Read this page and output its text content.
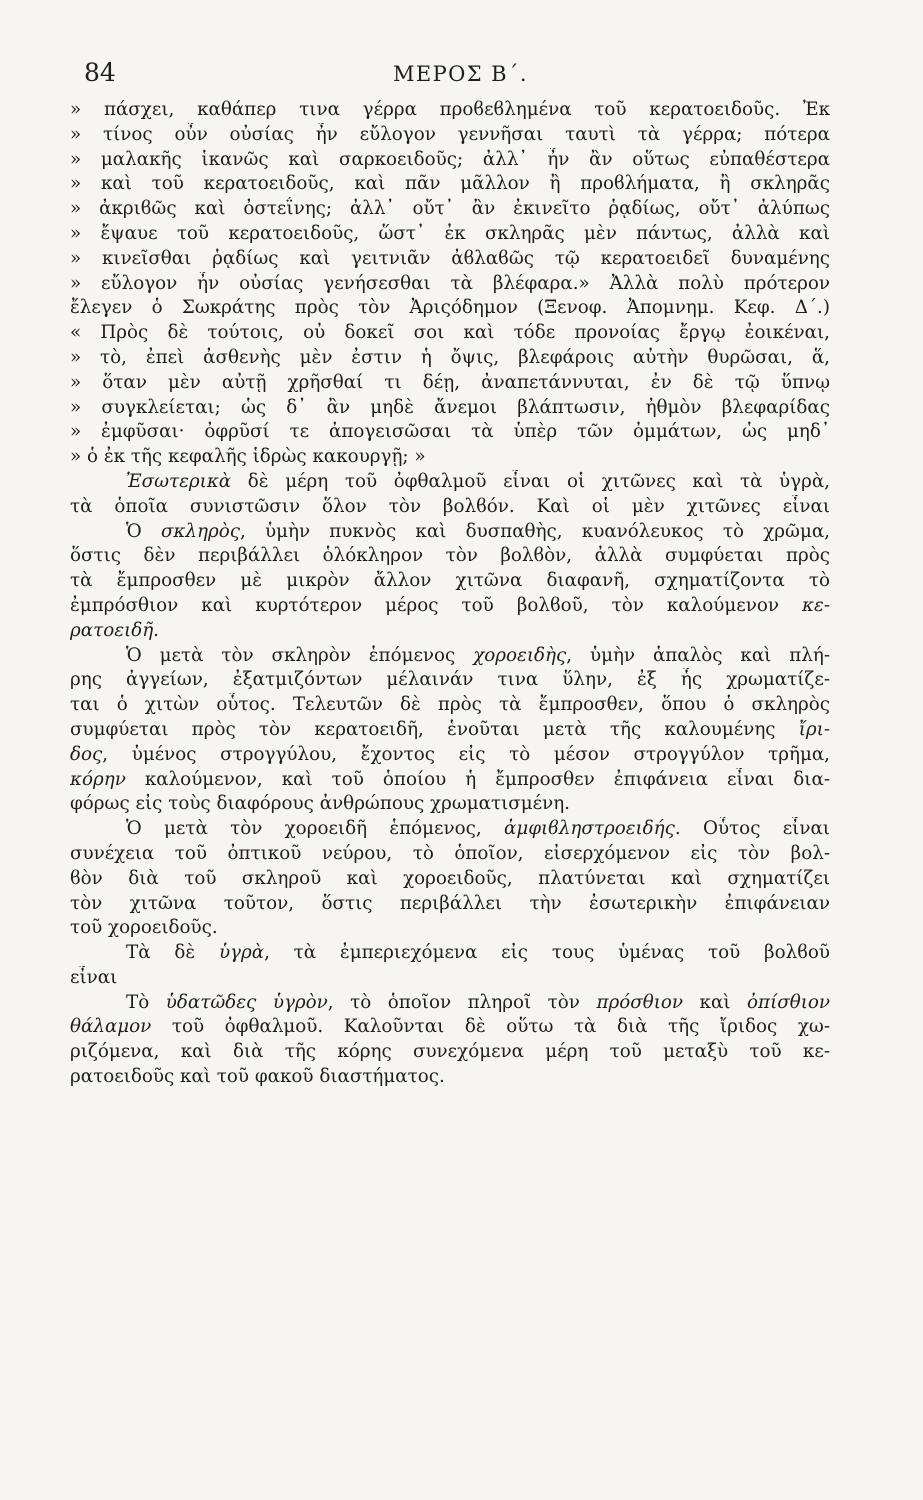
84	ΜΕΡΟΣ Β΄.
» πάσχει, καθάπερ τινα γέρρα προϐεϐλημένα τοῦ κερατοειδοῦς. Ἐκ
» τίνος οὖν οὐσίας ἦν εὔλογον γεννῆσαι ταυτὶ τὰ γέρρα; πότερα
» μαλακῆς ἱκανῶς καὶ σαρκοειδοῦς; ἀλλ᾽ ἦν ἂν οὕτως εὐπαθέστερα
» καὶ τοῦ κερατοειδοῦς, καὶ πᾶν μᾶλλον ἢ προϐλήματα, ἢ σκληρᾶς
» ἀκριϐῶς καὶ ὀστεΐνης; ἀλλ᾽ οὔτ᾽ ἂν ἐκινεῖτο ῥᾳδίως, οὔτ᾽ ἀλύπως
» ἔψαυε τοῦ κερατοειδοῦς, ὥστ᾽ ἐκ σκληρᾶς μὲν πάντως, ἀλλὰ καὶ
» κινεῖσθαι ῥᾳδίως καὶ γειτνιᾶν ἀϐλαϐῶς τῷ κερατοειδεῖ δυναμένης
» εὔλογον ἦν οὐσίας γενήσεσθαι τὰ βλέφαρα.» Ἀλλὰ πολὺ πρότερον
ἔλεγεν ὁ Σωκράτης πρὸς τὸν Ἀριςόδημον (Ξενοφ. Ἀπομνημ. Κεφ. Δ΄.)
« Πρὸς δὲ τούτοις, οὐ δοκεῖ σοι καὶ τόδε προνοίας ἔργῳ ἐοικέναι,
» τὸ, ἐπεὶ ἀσθενὴς μὲν ἐστιν ἡ ὄψις, βλεφάροις αὐτὴν θυρῶσαι, ἅ,
» ὅταν μὲν αὐτῇ χρῆσθαί τι δέῃ, ἀναπετάννυται, ἐν δὲ τῷ ὕπνῳ
» συγκλείεται; ὡς δ᾽ ἂν μηδὲ ἄνεμοι βλάπτωσιν, ἠθμὸν βλεφαρίδας
» ἐμφῦσαι· ὀφρῦσί τε ἀπογεισῶσαι τὰ ὑπὲρ τῶν ὀμμάτων, ὡς μηδ᾽
» ὁ ἐκ τῆς κεφαλῆς ἱδρὼς κακουργῇ; »
Ἐσωτερικὰ δὲ μέρη τοῦ ὀφθαλμοῦ εἶναι οἱ χιτῶνες καὶ τὰ ὑγρὰ,
τὰ ὁποῖα συνιστῶσιν ὅλον τὸν βολϐόν. Καὶ οἱ μὲν χιτῶνες εἶναι
Ὁ σκληρὸς, ὑμὴν πυκνὸς καὶ δυσπαθὴς, κυανόλευκος τὸ χρῶμα,
ὅστις δὲν περιβάλλει ὁλόκληρον τὸν βολϐὸν, ἀλλὰ συμφύεται πρὸς
τὰ ἔμπροσθεν μὲ μικρὸν ἄλλον χιτῶνα διαφανῆ, σχηματίζοντα τὸ
ἐμπρόσθιον καὶ κυρτότερον μέρος τοῦ βολϐοῦ, τὸν καλούμενον κε-
ρατοειδῆ.
Ὁ μετὰ τὸν σκληρὸν ἑπόμενος χοροειδὴς, ὑμὴν ἁπαλὸς καὶ πλή-
ρης ἀγγείων, ἐξατμιζόντων μέλαινάν τινα ὕλην, ἐξ ἧς χρωματίζε-
ται ὁ χιτὼν οὗτος. Τελευτῶν δὲ πρὸς τὰ ἔμπροσθεν, ὅπου ὁ σκληρὸς
συμφύεται πρὸς τὸν κερατοειδῆ, ἑνοῦται μετὰ τῆς καλουμένης ἴρι-
δος, ὑμένος στρογγύλου, ἔχοντος εἰς τὸ μέσον στρογγύλον τρῆμα,
κόρην καλούμενον, καὶ τοῦ ὁποίου ἡ ἔμπροσθεν ἐπιφάνεια εἶναι δια-
φόρως εἰς τοὺς διαφόρους ἀνθρώπους χρωματισμένη.
Ὁ μετὰ τὸν χοροειδῆ ἑπόμενος, ἀμφιϐληστροειδής. Οὗτος εἶναι
συνέχεια τοῦ ὀπτικοῦ νεύρου, τὸ ὁποῖον, εἰσερχόμενον εἰς τὸν βολ-
ϐὸν διὰ τοῦ σκληροῦ καὶ χοροειδοῦς, πλατύνεται καὶ σχηματίζει
τὸν χιτῶνα τοῦτον, ὅστις περιβάλλει τὴν ἐσωτερικὴν ἐπιφάνειαν
τοῦ χοροειδοῦς.
Τὰ δὲ ὑγρὰ, τὰ ἐμπεριεχόμενα εἰς τους ὑμένας τοῦ βολϐοῦ
εἶναι
Τὸ ὑδατῶδες ὑγρὸν, τὸ ὁποῖον πληροῖ τὸν πρόσθιον καὶ ὀπίσθιον
θάλαμον τοῦ ὀφθαλμοῦ. Καλοῦνται δὲ οὕτω τὰ διὰ τῆς ἴριδος χω-
ριζόμενα, καὶ διὰ τῆς κόρης συνεχόμενα μέρη τοῦ μεταξὺ τοῦ κε-
ρατοειδοῦς καὶ τοῦ φακοῦ διαστήματος.
